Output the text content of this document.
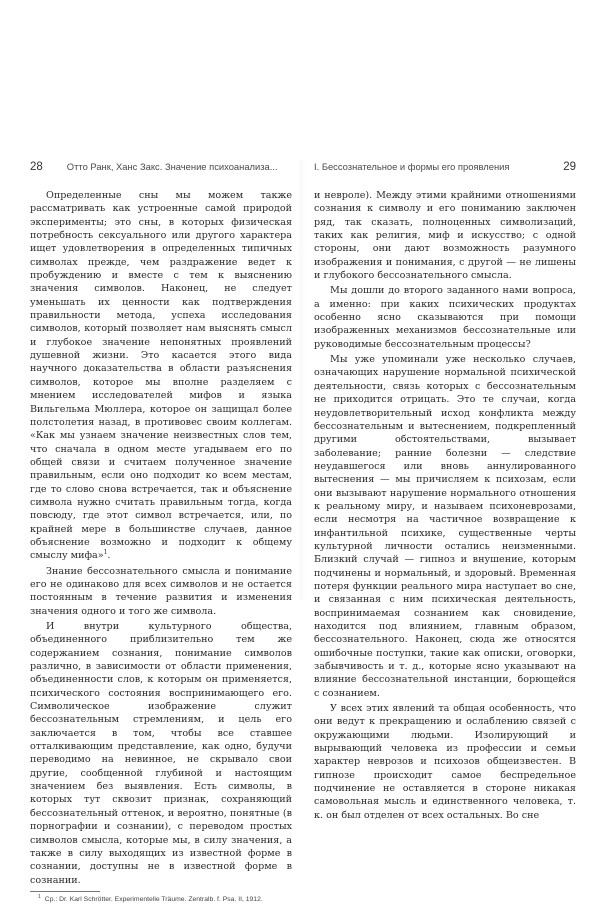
28	Отто Ранк, Ханс Закс. Значение психоанализа...

Определенные сны мы можем также рассматривать как устроенные самой природой эксперименты; это сны, в которых физическая потребность сексуального или другого характера ищет удовлетворения в определенных типичных символах прежде, чем раздражение ведет к пробуждению и вместе с тем к выяснению значения символов. Наконец, не следует уменьшать их ценности как подтверждения правильности метода, успеха исследования символов, который позволяет нам выяснять смысл и глубокое значение непонятных проявлений душевной жизни. Это касается этого вида научного доказательства в области разъяснения символов, которое мы вполне разделяем с мнением исследователей мифов и языка Вильгельма Мюллера, которое он защищал более полстолетия назад, в противовес своим коллегам. «Как мы узнаем значение неизвестных слов тем, что сначала в одном месте угадываем его по общей связи и считаем полученное значение правильным, если оно подходит ко всем местам, где то слово снова встречается, так и объяснение символа нужно считать правильным тогда, когда повсюду, где этот символ встречается, или, по крайней мере в большинстве случаев, данное объяснение возможно и подходит к общему смыслу мифа»$^1$.

Знание бессознательного смысла и понимание его не одинаково для всех символов и не остается постоянным в течение развития и изменения значения одного и того же символа.

И внутри культурного общества, объединенного приблизительно тем же содержанием сознания, понимание символов различно, в зависимости от области применения, объединенности слов, к которым он применяется, психического состояния воспринимающего его. Символическое изображение служит бессознательным стремлениям, и цель его заключается в том, чтобы все ставшее отталкивающим представление, как одно, будучи переводимо на невинное, не скрывало свои другие, сообщенной глубиной и настоящим значением без выявления. Есть символы, в которых тут сквозит признак, сохраняющий бессознательный оттенок, и вероятно, понятные (в порнографии и сознании), с переводом простых символов смысла, которые мы, в силу значения, а также в силу выходящих из известной форме в сознании, доступны не в известной форме в сознании.

$^1$ Ср.: Dr. Karl Schrötter. Experimentelle Träume. Zentralb. f. Psa. II, 1912.
I. Бессознательное и формы его проявления	29

и невроле). Между этими крайними отношениями сознания к символу и его пониманию заключен ряд, так сказать, полноценных символизаций, таких как религия, миф и искусство; с одной стороны, они дают возможность разумного изображения и понимания, с другой — не лишены и глубокого бессознательного смысла.

Мы дошли до второго заданного нами вопроса, а именно: при каких психических продуктах особенно ясно сказываются при помощи изображенных механизмов бессознательные или руководимые бессознательным процессы?

Мы уже упоминали уже несколько случаев, означающих нарушение нормальной психической деятельности, связь которых с бессознательным не приходится отрицать. Это те случаи, когда неудовлетворительный исход конфликта между бессознательным и вытеснением, подкрепленный другими обстоятельствами, вызывает заболевание; ранние болезни — следствие неудавшегося или вновь аннулированного вытеснения — мы причисляем к психозам, если они вызывают нарушение нормального отношения к реальному миру, и называем психоневрозами, если несмотря на частичное возвращение к инфантильной психике, существенные черты культурной личности остались неизменными. Близкий случай — гипноз и внушение, которым подчинены и нормальный, и здоровый. Временная потеря функции реального мира наступает во сне, и связанная с ним психическая деятельность, воспринимаемая сознанием как сновидение, находится под влиянием, главным образом, бессознательного. Наконец, сюда же относятся ошибочные поступки, такие как описки, оговорки, забывчивость и т. д., которые ясно указывают на влияние бессознательной инстанции, борющейся с сознанием.

У всех этих явлений та общая особенность, что они ведут к прекращению и ослаблению связей с окружающими людьми. Изолирующий и вырывающий человека из профессии и семьи характер неврозов и психозов общеизвестен. В гипнозе происходит самое беспредельное подчинение не оставляется в стороне никакая самовольная мысль и единственного человека, т. к. он был отделен от всех остальных. Во сне
